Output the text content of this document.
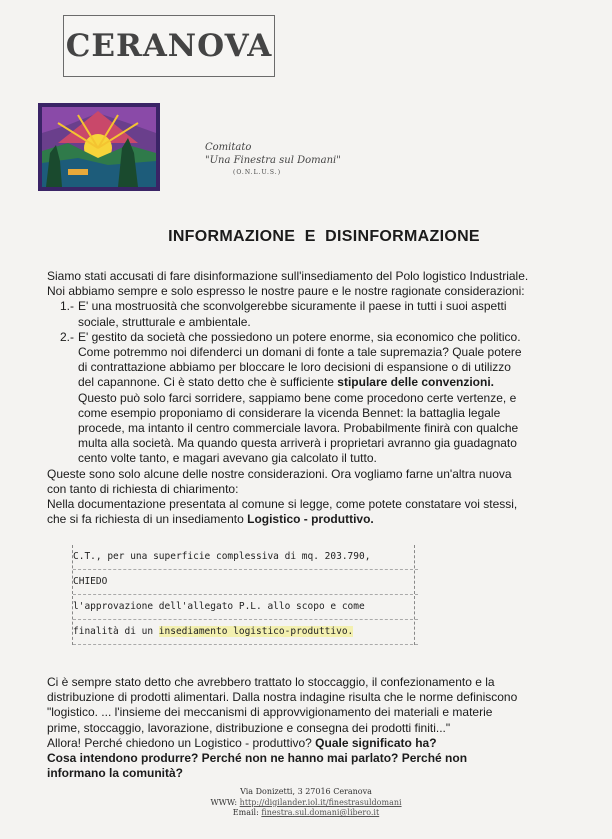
CERANOVA
Comitato
"Una Finestra sul Domani"
(O.N.L.U.S.)
INFORMAZIONE  E  DISINFORMAZIONE

Siamo stati accusati di fare disinformazione sull'insediamento del Polo logistico Industriale.

Noi abbiamo sempre e solo espresso le nostre paure e le nostre ragionate considerazioni:

1.- E' una mostruosità che sconvolgerebbe sicuramente il paese in tutti i suoi aspetti
sociale, strutturale e ambientale.
2.- E' gestito da società che possiedono un potere enorme, sia economico che politico.
Come potremmo noi difenderci un domani di fonte a tale supremazia? Quale potere
di contrattazione abbiamo per bloccare le loro decisioni di espansione o di utilizzo
del capannone. Ci è stato detto che è sufficiente stipulare delle convenzioni.
Questo può solo farci sorridere, sappiamo bene come procedono certe vertenze, e
come esempio proponiamo di considerare la vicenda Bennet: la battaglia legale
procede, ma intanto il centro commerciale lavora. Probabilmente finirà con qualche
multa alla società. Ma quando questa arriverà i proprietari avranno gia guadagnato
cento volte tanto, e magari avevano gia calcolato il tutto.

Queste sono solo alcune delle nostre considerazioni. Ora vogliamo farne un'altra nuova

con tanto di richiesta di chiarimento:

Nella documentazione presentata al comune si legge, come potete constatare voi stessi,

che si fa richiesta di un insediamento Logistico - produttivo.

C.T., per una superficie complessiva di mq. 203.790,
CHIEDO
l'approvazione dell'allegato P.L. allo scopo e come
finalità di un insediamento logistico-produttivo.

Ci è sempre stato detto che avrebbero trattato lo stoccaggio, il confezionamento e la

distribuzione di prodotti alimentari. Dalla nostra indagine risulta che le norme definiscono

"logistico. ... l'insieme dei meccanismi di approvvigionamento dei materiali e materie

prime, stoccaggio, lavorazione, distribuzione e consegna dei prodotti finiti..."

Allora! Perché chiedono un Logistico - produttivo? Quale significato ha?

Cosa intendono produrre? Perché non ne hanno mai parlato? Perché non

informano la comunità?

Via Donizetti, 3 27016 Ceranova
WWW: http://digilander.iol.it/finestrasuldomani
Email: finestra.sul.domani@libero.it
